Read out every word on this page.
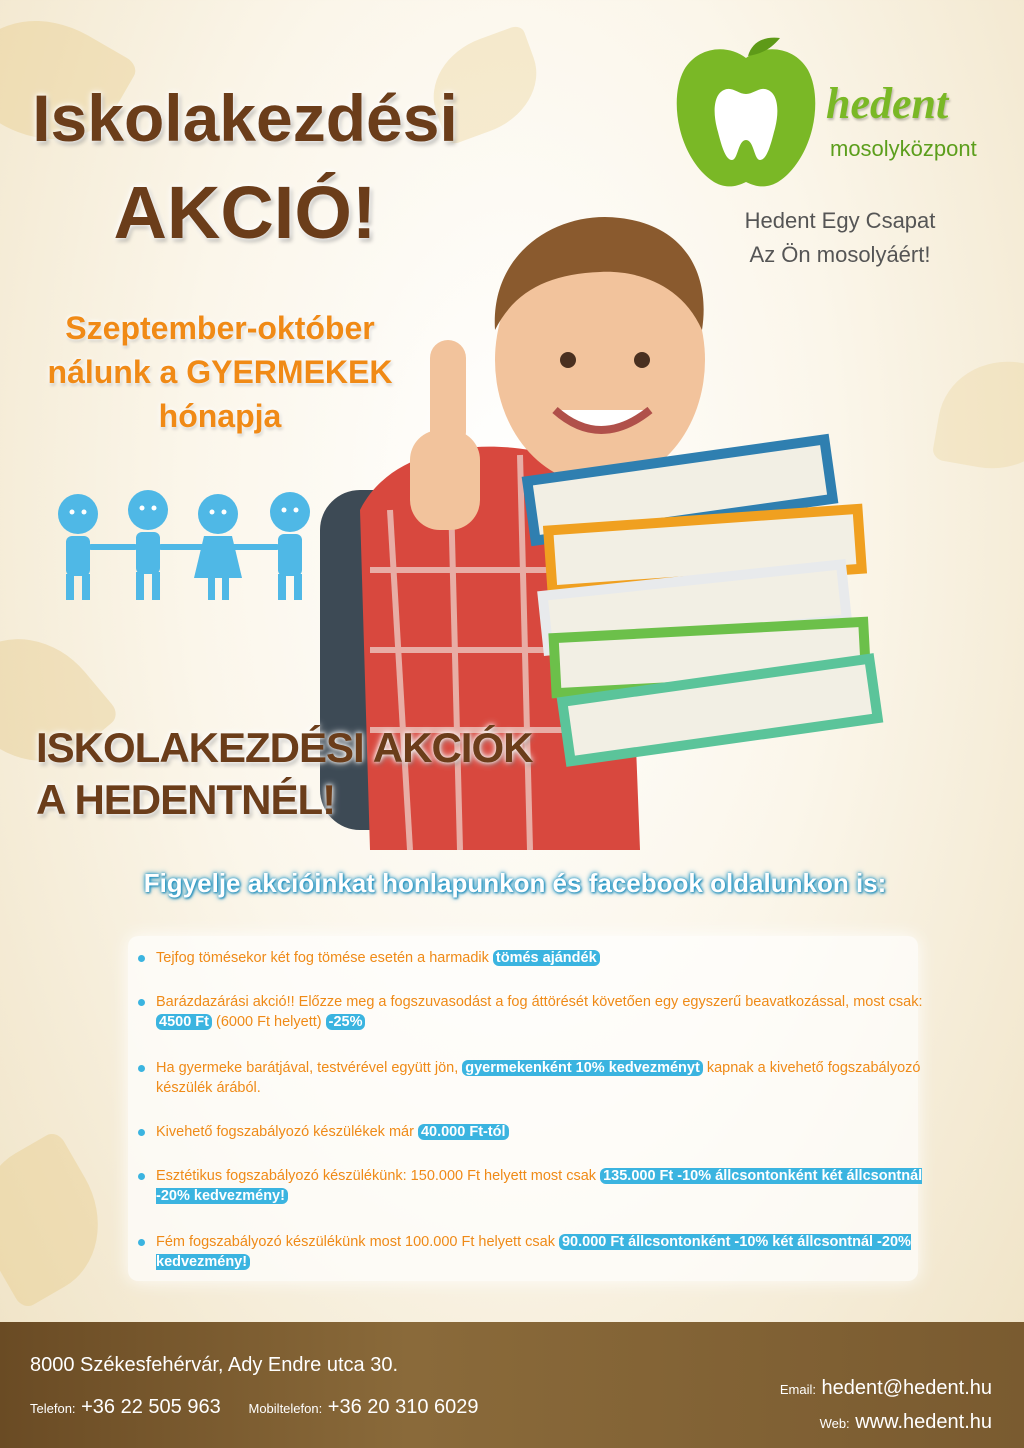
Iskolakezdési
AKCIÓ!
Szeptember-október
nálunk a GYERMEKEK
hónapja
hedent
mosolyközpont
Hedent Egy Csapat
Az Ön mosolyáért!
ISKOLAKEZDÉSI AKCIÓK
A HEDENTNÉL!
Figyelje akcióinkat honlapunkon és facebook oldalunkon is:
Tejfog tömésekor két fog tömése esetén a harmadik tömés ajándék
Barázdazárási akció!! Előzze meg a fogszuvasodást a fog áttörését követően egy egyszerű beavatkozással, most csak: 4500 Ft (6000 Ft helyett) -25%
Ha gyermeke barátjával, testvérével együtt jön, gyermekenként 10% kedvezményt kapnak a kivehető fogszabályozó készülék árából.
Kivehető fogszabályozó készülékek már 40.000 Ft-tól
Esztétikus fogszabályozó készülékünk: 150.000 Ft helyett most csak 135.000 Ft -10% állcsontonként két állcsontnál -20% kedvezmény!
Fém fogszabályozó készülékünk most 100.000 Ft helyett csak 90.000 Ft állcsontonként -10% két állcsontnál -20% kedvezmény!
8000 Székesfehérvár, Ady Endre utca 30.
Telefon: +36 22 505 963 Mobiltelefon: +36 20 310 6029
Email: hedent@hedent.hu
Web: www.hedent.hu
